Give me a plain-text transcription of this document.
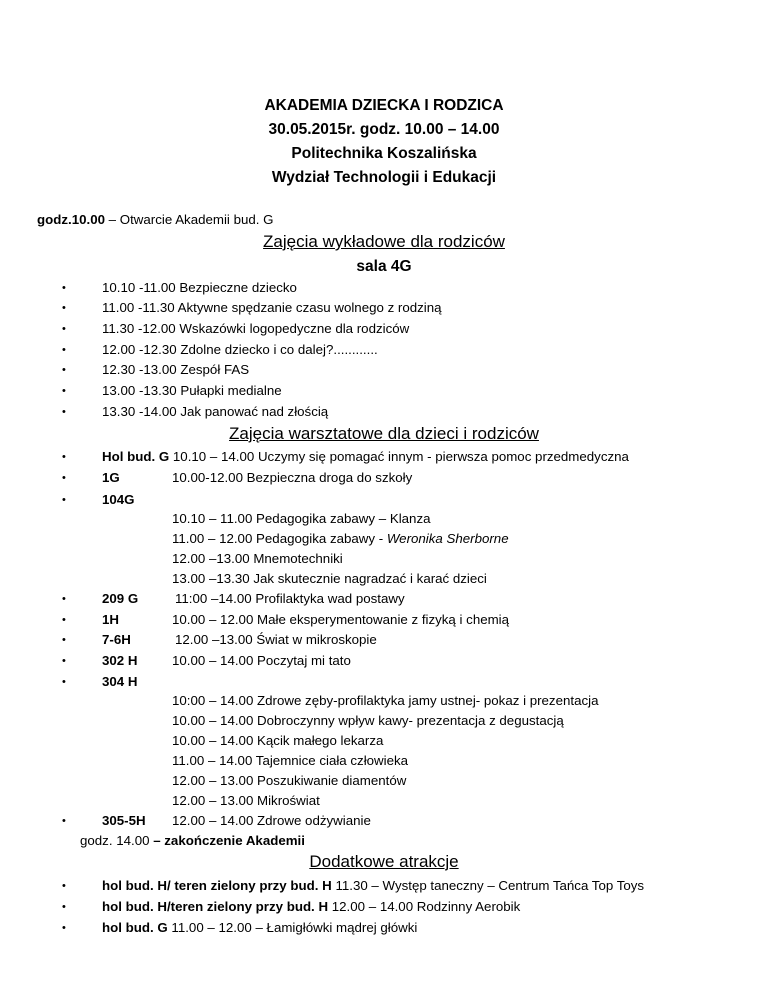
AKADEMIA DZIECKA I RODZICA
30.05.2015r. godz. 10.00 – 14.00
Politechnika Koszalińska
Wydział Technologii i Edukacji
godz.10.00 – Otwarcie Akademii bud. G
Zajęcia wykładowe dla rodziców
sala 4G
•	10.10 -11.00 Bezpieczne dziecko
•	11.00 -11.30 Aktywne spędzanie czasu wolnego z rodziną
•	11.30 -12.00 Wskazówki logopedyczne dla rodziców
•	12.00 -12.30 Zdolne dziecko i co dalej?............
•	12.30 -13.00 Zespół FAS
•	13.00 -13.30 Pułapki medialne
•	13.30 -14.00 Jak panować nad złością
Zajęcia warsztatowe dla dzieci i rodziców
•	Hol bud. G 10.10 – 14.00 Uczymy się pomagać innym - pierwsza pomoc przedmedyczna
•	1G	10.00-12.00 Bezpieczna droga do szkoły
•	104G
10.10 – 11.00 Pedagogika zabawy – Klanza
11.00 – 12.00 Pedagogika zabawy - Weronika Sherborne
12.00 –13.00 Mnemotechniki
13.00 –13.30 Jak skutecznie nagradzać i karać dzieci
•	209 G	11:00 –14.00 Profilaktyka wad postawy
•	1H	10.00 – 12.00 Małe eksperymentowanie z fizyką i chemią
•	7-6H	12.00 –13.00 Świat w mikroskopie
•	302 H	10.00 – 14.00 Poczytaj mi tato
•	304 H
10:00 – 14.00 Zdrowe zęby-profilaktyka jamy ustnej- pokaz i prezentacja
10.00 – 14.00 Dobroczynny wpływ kawy- prezentacja z degustacją
10.00 – 14.00 Kącik małego lekarza
11.00 – 14.00 Tajemnice ciała człowieka
12.00 – 13.00 Poszukiwanie diamentów
12.00 – 13.00 Mikroświat
•	305-5H 12.00 – 14.00 Zdrowe odżywianie
godz. 14.00 – zakończenie Akademii
Dodatkowe atrakcje
•	hol bud. H/ teren zielony przy bud. H 11.30 – Występ taneczny – Centrum Tańca Top Toys
•	hol bud. H/teren zielony przy bud. H 12.00 – 14.00 Rodzinny Aerobik
•	hol bud. G 11.00 – 12.00 – Łamigłówki mądrej główki
